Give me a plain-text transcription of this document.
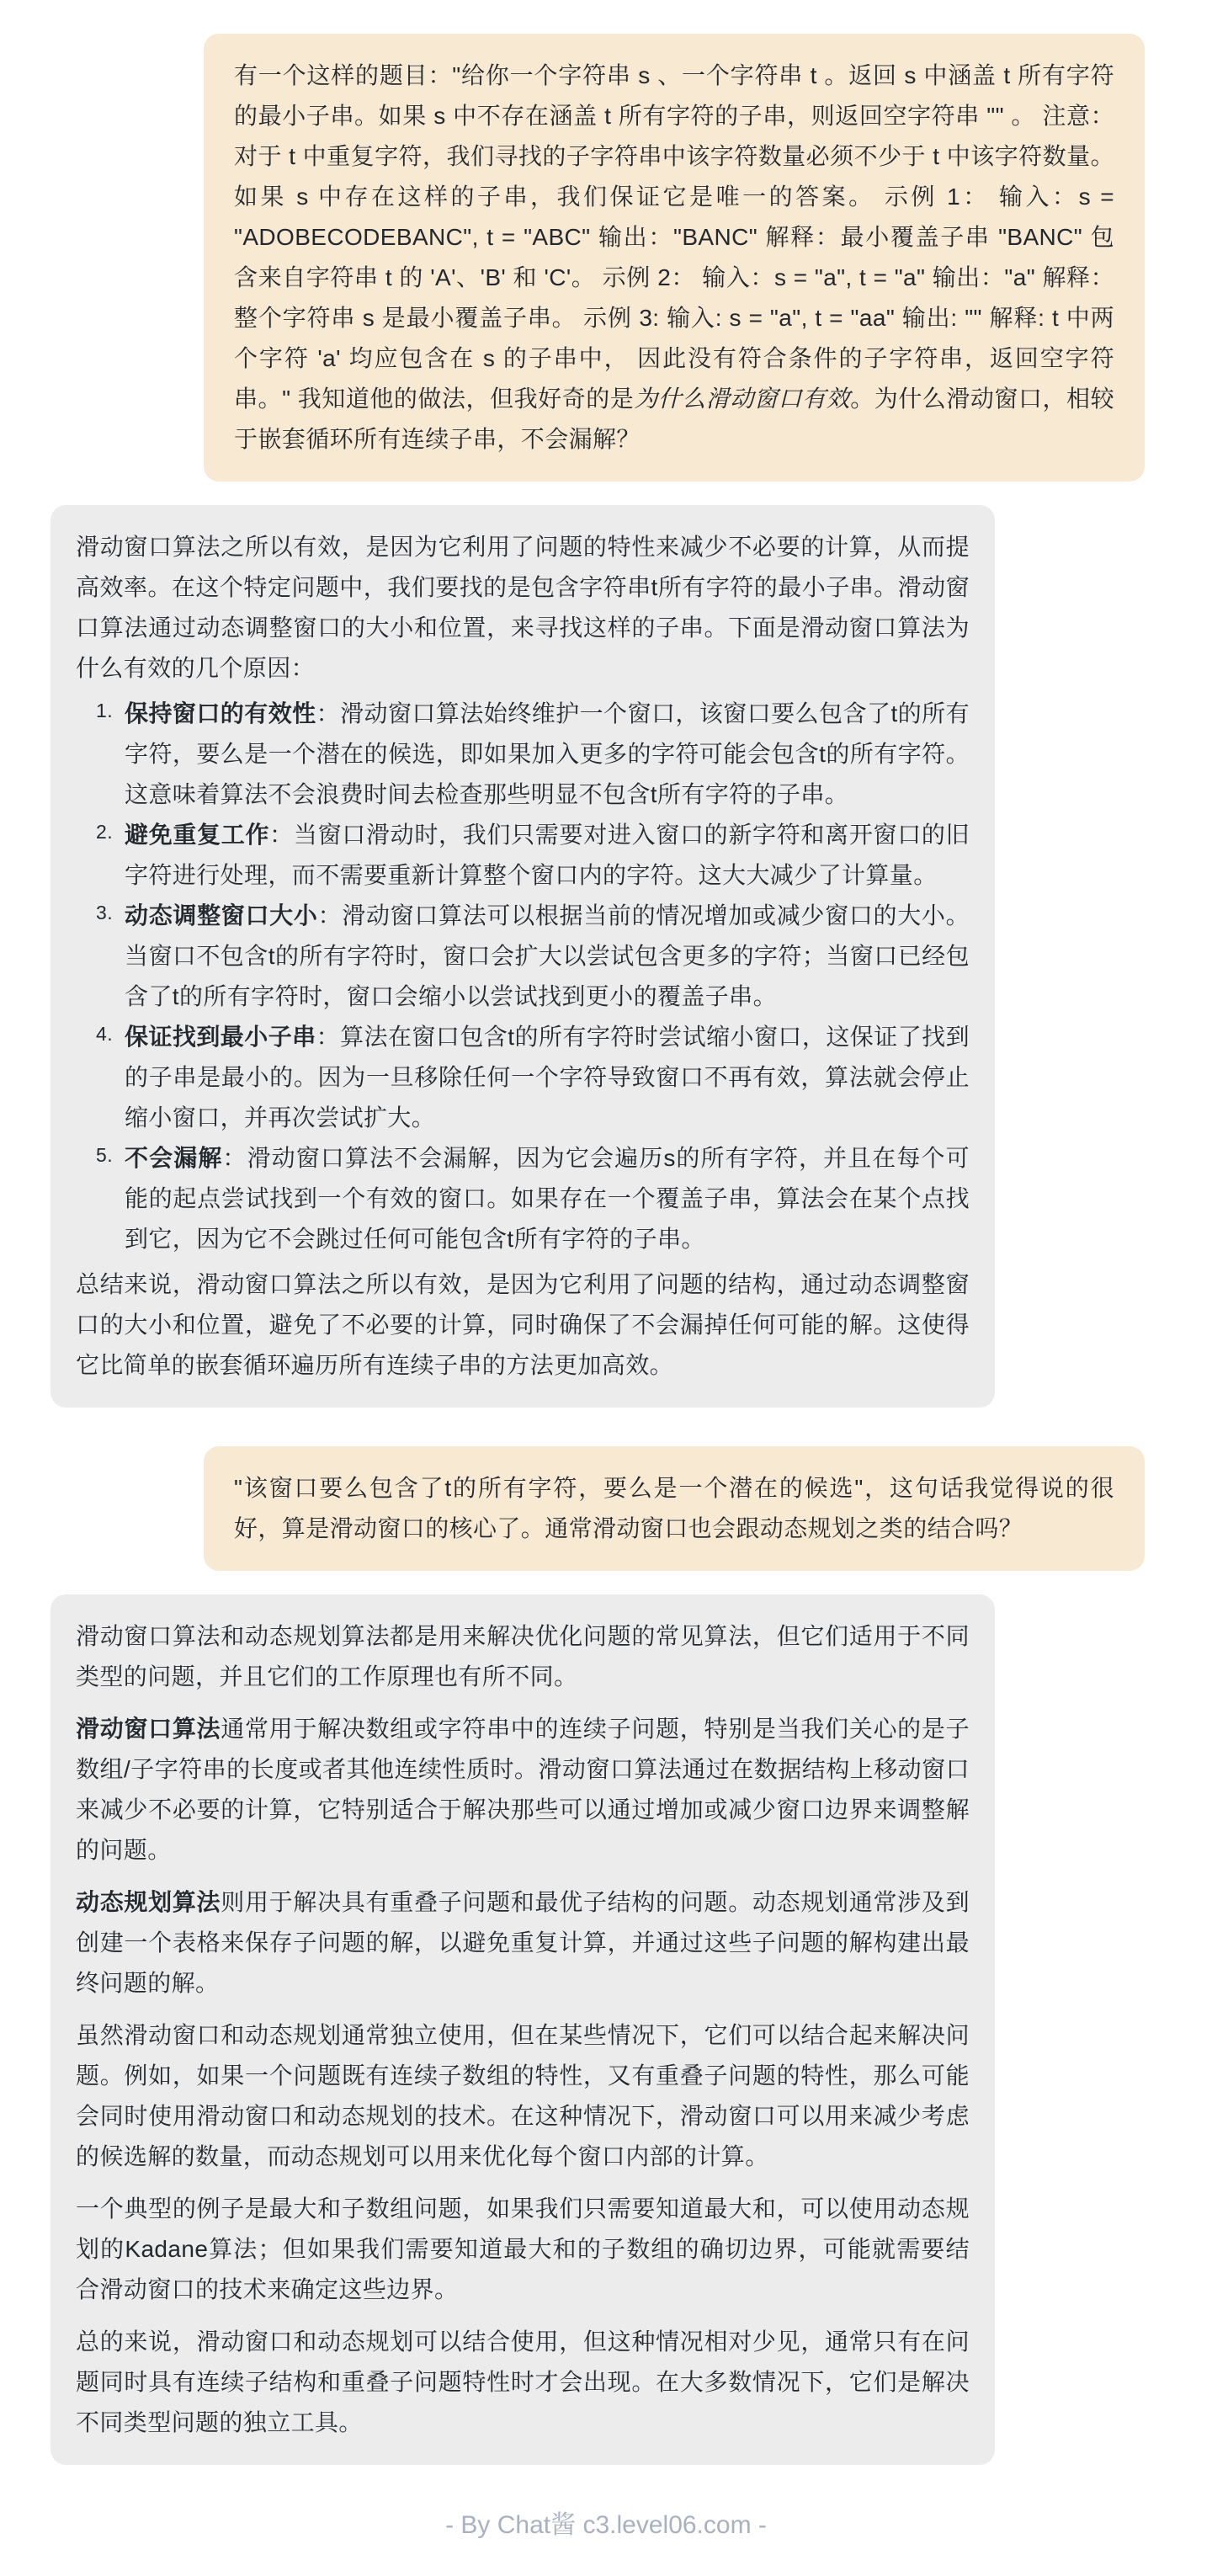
有一个这样的题目："给你一个字符串 s 、一个字符串 t 。返回 s 中涵盖 t 所有字符的最小子串。如果 s 中不存在涵盖 t 所有字符的子串，则返回空字符串 "" 。 注意： 对于 t 中重复字符，我们寻找的子字符串中该字符数量必须不少于 t 中该字符数量。 如果 s 中存在这样的子串，我们保证它是唯一的答案。 示例 1： 输入：s = "ADOBECODEBANC", t = "ABC" 输出："BANC" 解释：最小覆盖子串 "BANC" 包含来自字符串 t 的 'A'、'B' 和 'C'。 示例 2： 输入：s = "a", t = "a" 输出："a" 解释：整个字符串 s 是最小覆盖子串。 示例 3: 输入: s = "a", t = "aa" 输出: "" 解释: t 中两个字符 'a' 均应包含在 s 的子串中， 因此没有符合条件的子字符串，返回空字符串。" 我知道他的做法，但我好奇的是为什么滑动窗口有效。为什么滑动窗口，相较于嵌套循环所有连续子串，不会漏解？

滑动窗口算法之所以有效，是因为它利用了问题的特性来减少不必要的计算，从而提高效率。在这个特定问题中，我们要找的是包含字符串t所有字符的最小子串。滑动窗口算法通过动态调整窗口的大小和位置，来寻找这样的子串。下面是滑动窗口算法为什么有效的几个原因：

1. 保持窗口的有效性：滑动窗口算法始终维护一个窗口，该窗口要么包含了t的所有字符，要么是一个潜在的候选，即如果加入更多的字符可能会包含t的所有字符。这意味着算法不会浪费时间去检查那些明显不包含t所有字符的子串。
2. 避免重复工作：当窗口滑动时，我们只需要对进入窗口的新字符和离开窗口的旧字符进行处理，而不需要重新计算整个窗口内的字符。这大大减少了计算量。
3. 动态调整窗口大小：滑动窗口算法可以根据当前的情况增加或减少窗口的大小。当窗口不包含t的所有字符时，窗口会扩大以尝试包含更多的字符；当窗口已经包含了t的所有字符时，窗口会缩小以尝试找到更小的覆盖子串。
4. 保证找到最小子串：算法在窗口包含t的所有字符时尝试缩小窗口，这保证了找到的子串是最小的。因为一旦移除任何一个字符导致窗口不再有效，算法就会停止缩小窗口，并再次尝试扩大。
5. 不会漏解：滑动窗口算法不会漏解，因为它会遍历s的所有字符，并且在每个可能的起点尝试找到一个有效的窗口。如果存在一个覆盖子串，算法会在某个点找到它，因为它不会跳过任何可能包含t所有字符的子串。

总结来说，滑动窗口算法之所以有效，是因为它利用了问题的结构，通过动态调整窗口的大小和位置，避免了不必要的计算，同时确保了不会漏掉任何可能的解。这使得它比简单的嵌套循环遍历所有连续子串的方法更加高效。

"该窗口要么包含了t的所有字符，要么是一个潜在的候选"，这句话我觉得说的很好，算是滑动窗口的核心了。通常滑动窗口也会跟动态规划之类的结合吗？

滑动窗口算法和动态规划算法都是用来解决优化问题的常见算法，但它们适用于不同类型的问题，并且它们的工作原理也有所不同。

滑动窗口算法通常用于解决数组或字符串中的连续子问题，特别是当我们关心的是子数组/子字符串的长度或者其他连续性质时。滑动窗口算法通过在数据结构上移动窗口来减少不必要的计算，它特别适合于解决那些可以通过增加或减少窗口边界来调整解的问题。

动态规划算法则用于解决具有重叠子问题和最优子结构的问题。动态规划通常涉及到创建一个表格来保存子问题的解，以避免重复计算，并通过这些子问题的解构建出最终问题的解。

虽然滑动窗口和动态规划通常独立使用，但在某些情况下，它们可以结合起来解决问题。例如，如果一个问题既有连续子数组的特性，又有重叠子问题的特性，那么可能会同时使用滑动窗口和动态规划的技术。在这种情况下，滑动窗口可以用来减少考虑的候选解的数量，而动态规划可以用来优化每个窗口内部的计算。

一个典型的例子是最大和子数组问题，如果我们只需要知道最大和，可以使用动态规划的Kadane算法；但如果我们需要知道最大和的子数组的确切边界，可能就需要结合滑动窗口的技术来确定这些边界。

总的来说，滑动窗口和动态规划可以结合使用，但这种情况相对少见，通常只有在问题同时具有连续子结构和重叠子问题特性时才会出现。在大多数情况下，它们是解决不同类型问题的独立工具。

- By Chat酱 c3.level06.com -
